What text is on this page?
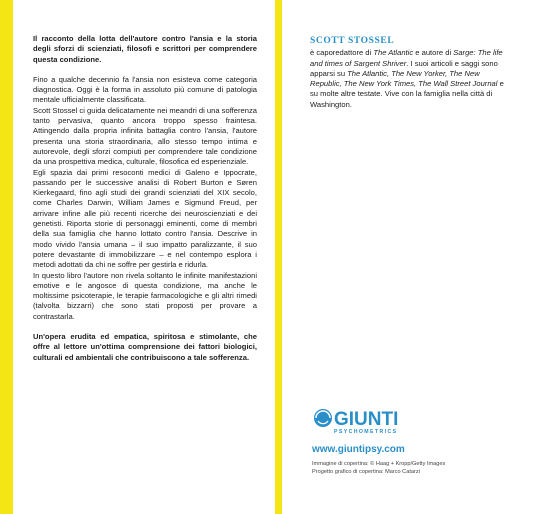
Il racconto della lotta dell'autore contro l'ansia e la storia degli sforzi di scienziati, filosofi e scrittori per comprendere questa condizione.

Fino a qualche decennio fa l'ansia non esisteva come categoria diagnostica. Oggi è la forma in assoluto più comune di patologia mentale ufficialmente classificata.

Scott Stossel ci guida delicatamente nei meandri di una sofferenza tanto pervasiva, quanto ancora troppo spesso fraintesa. Attingendo dalla propria infinita battaglia contro l'ansia, l'autore presenta una storia straordinaria, allo stesso tempo intima e autorevole, degli sforzi compiuti per comprendere tale condizione da una prospettiva medica, culturale, filosofica ed esperienziale.

Egli spazia dai primi resoconti medici di Galeno e Ippocrate, passando per le successive analisi di Robert Burton e Søren Kierkegaard, fino agli studi dei grandi scienziati del XIX secolo, come Charles Darwin, William James e Sigmund Freud, per arrivare infine alle più recenti ricerche dei neuroscienziati e dei genetisti. Riporta storie di personaggi eminenti, come di membri della sua famiglia che hanno lottato contro l'ansia. Descrive in modo vivido l'ansia umana – il suo impatto paralizzante, il suo potere devastante di immobilizzare – e nel contempo esplora i metodi adottati da chi ne soffre per gestirla e ridurla.

In questo libro l'autore non rivela soltanto le infinite manifestazioni emotive e le angosce di questa condizione, ma anche le moltissime psicoterapie, le terapie farmacologiche e gli altri rimedi (talvolta bizzarri) che sono stati proposti per provare a contrastarla.

Un'opera erudita ed empatica, spiritosa e stimolante, che offre al lettore un'ottima comprensione dei fattori biologici, culturali ed ambientali che contribuiscono a tale sofferenza.

SCOTT STOSSEL
è caporedattore di The Atlantic e autore di Sarge: The life and times of Sargent Shriver. I suoi articoli e saggi sono apparsi su The Atlantic, The New Yorker, The New Republic, The New York Times, The Wall Street Journal e su molte altre testate. Vive con la famiglia nella città di Washington.
GIUNTI
PSYCHOMETRICS
www.giuntipsy.com
Immagine di copertina: © Haag + Kropp/Getty Images
Progetto grafico di copertina: Marco Catarzi
